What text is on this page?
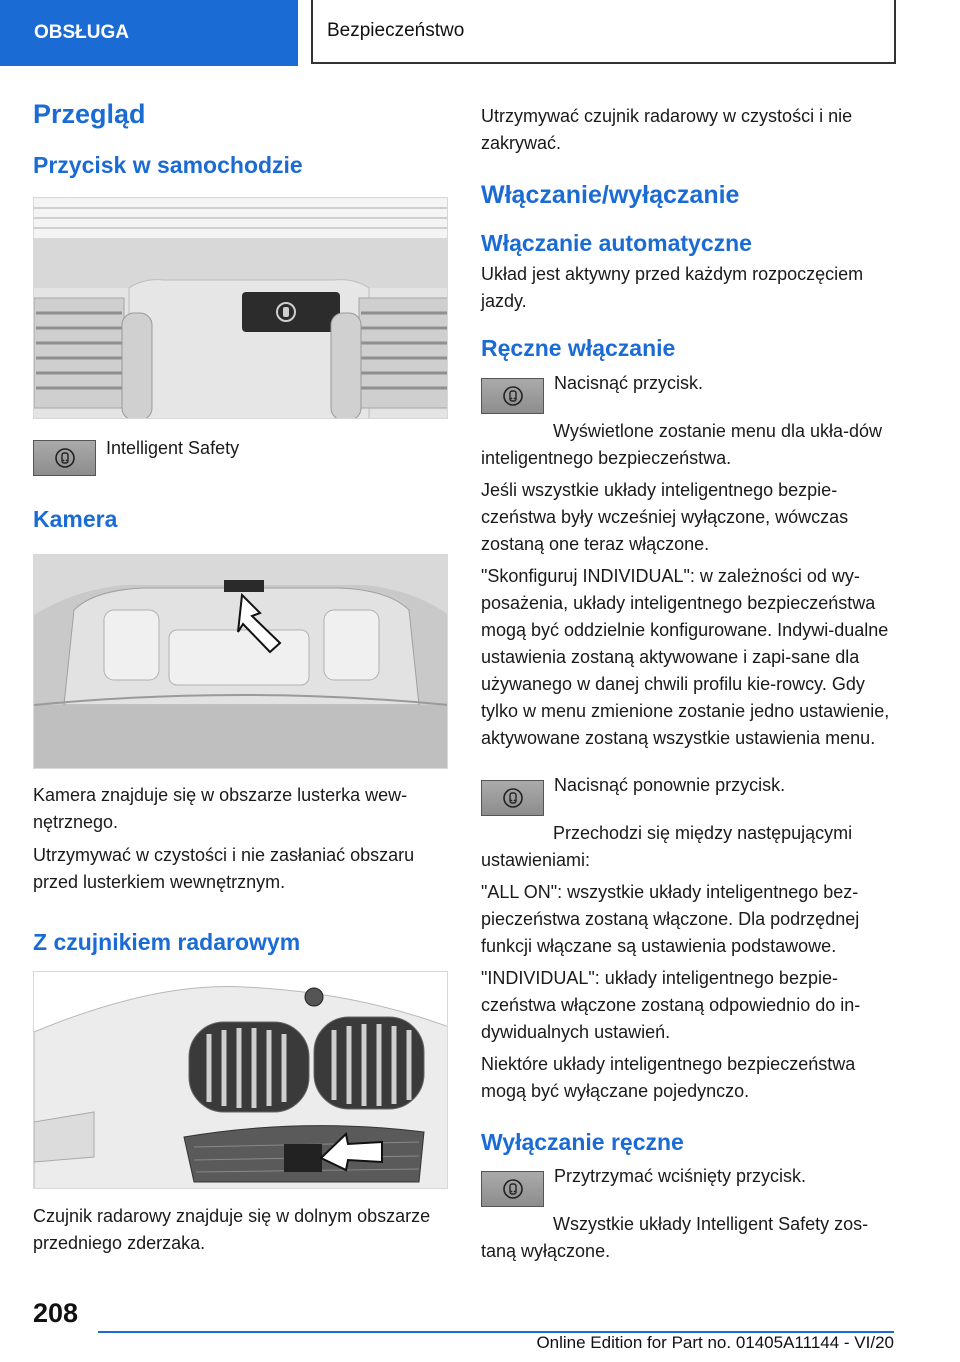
OBSŁUGA	Bezpieczeństwo
Przegląd
Przycisk w samochodzie

Intelligent Safety

Kamera

Kamera znajduje się w obszarze lusterka wew‐nętrznego.

Utrzymywać w czystości i nie zasłaniać obszaru przed lusterkiem wewnętrznym.

Z czujnikiem radarowym

Czujnik radarowy znajduje się w dolnym obszarze przedniego zderzaka.

Utrzymywać czujnik radarowy w czystości i nie zakrywać.

Włączanie/wyłączanie
Włączanie automatyczne

Układ jest aktywny przed każdym rozpoczęciem jazdy.

Ręczne włączanie

Nacisnąć przycisk.

Wyświetlone zostanie menu dla ukła‐dów inteligentnego bezpieczeństwa.

Jeśli wszystkie układy inteligentnego bezpie‐czeństwa były wcześniej wyłączone, wówczas zostaną one teraz włączone.

"Skonfiguruj INDIVIDUAL": w zależności od wy‐posażenia, układy inteligentnego bezpieczeństwa mogą być oddzielnie konfigurowane. Indywi‐dualne ustawienia zostaną aktywowane i zapi‐sane dla używanego w danej chwili profilu kie‐rowcy. Gdy tylko w menu zmienione zostanie jedno ustawienie, aktywowane zostaną wszystkie ustawienia menu.

Nacisnąć ponownie przycisk.

Przechodzi się między następującymi ustawieniami:

"ALL ON": wszystkie układy inteligentnego bez‐pieczeństwa zostaną włączone. Dla podrzędnej funkcji włączane są ustawienia podstawowe.

"INDIVIDUAL": układy inteligentnego bezpie‐czeństwa włączone zostaną odpowiednio do in‐dywidualnych ustawień.

Niektóre układy inteligentnego bezpieczeństwa mogą być wyłączane pojedynczo.

Wyłączanie ręczne

Przytrzymać wciśnięty przycisk.

Wszystkie układy Intelligent Safety zos‐taną wyłączone.

208
Online Edition for Part no. 01405A11144 - VI/20
